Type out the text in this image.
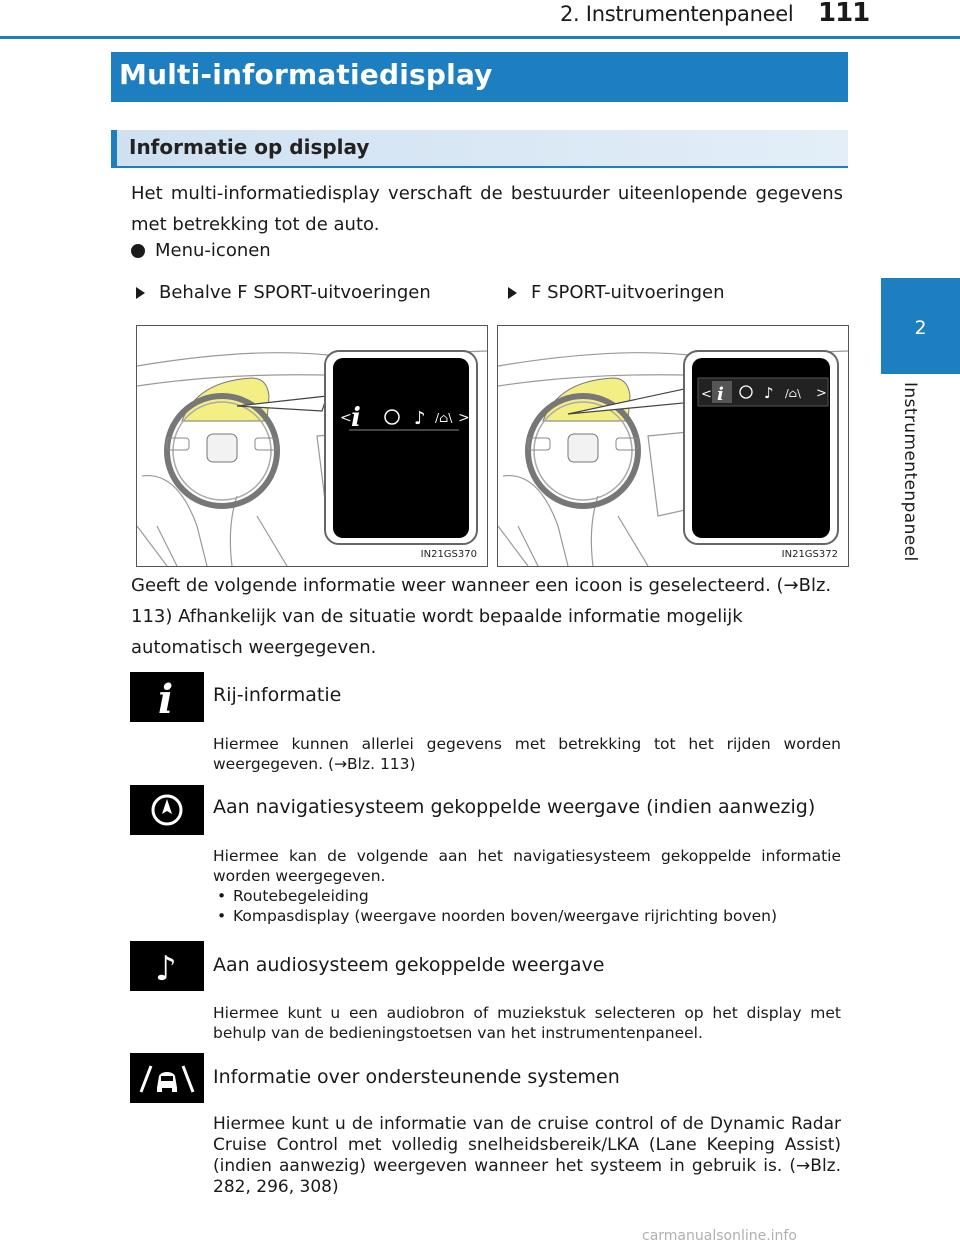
2. Instrumentenpaneel 111
2
Instrumentenpaneel
Multi-informatiedisplay
Informatie op display
Het multi-informatiedisplay verschaft de bestuurder uiteenlopende gegevens met betrekking tot de auto.
Menu-iconen
Behalve F SPORT-uitvoeringen	F SPORT-uitvoeringen
< i	♪ /⌂\ >
IN21GS370
< i	♪ /⌂\ >
IN21GS372
Geeft de volgende informatie weer wanneer een icoon is geselecteerd. (→Blz. 113) Afhankelijk van de situatie wordt bepaalde informatie mogelijk automatisch weergegeven.
i Rij-informatie
Hiermee kunnen allerlei gegevens met betrekking tot het rijden worden weergegeven. (→Blz. 113)
Aan navigatiesysteem gekoppelde weergave (indien aanwezig)
Hiermee kan de volgende aan het navigatiesysteem gekoppelde informatie worden weergegeven.
• Routebegeleiding
• Kompasdisplay (weergave noorden boven/weergave rijrichting boven)
♪ Aan audiosysteem gekoppelde weergave
Hiermee kunt u een audiobron of muziekstuk selecteren op het display met behulp van de bedieningstoetsen van het instrumentenpaneel.
Informatie over ondersteunende systemen
Hiermee kunt u de informatie van de cruise control of de Dynamic Radar Cruise Control met volledig snelheidsbereik/LKA (Lane Keeping Assist) (indien aanwezig) weergeven wanneer het systeem in gebruik is. (→Blz. 282, 296, 308)
carmanualsonline.info
